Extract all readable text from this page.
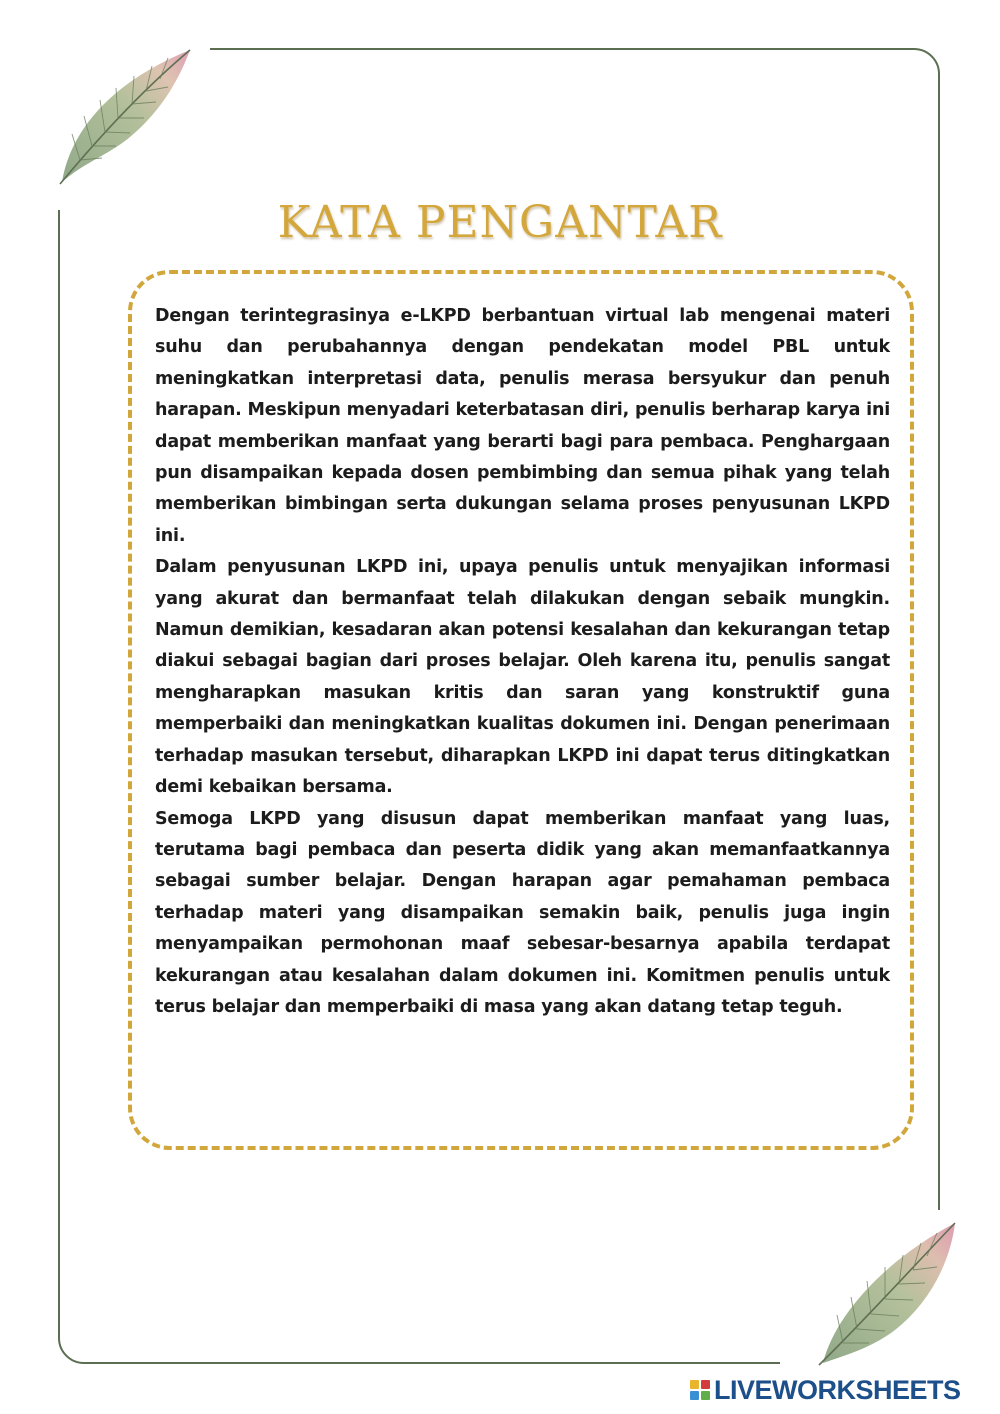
KATA PENGANTAR

Dengan terintegrasinya e-LKPD berbantuan virtual lab mengenai materi suhu dan perubahannya dengan pendekatan model PBL untuk meningkatkan interpretasi data, penulis merasa bersyukur dan penuh harapan. Meskipun menyadari keterbatasan diri, penulis berharap karya ini dapat memberikan manfaat yang berarti bagi para pembaca. Penghargaan pun disampaikan kepada dosen pembimbing dan semua pihak yang telah memberikan bimbingan serta dukungan selama proses penyusunan LKPD ini.

Dalam penyusunan LKPD ini, upaya penulis untuk menyajikan informasi yang akurat dan bermanfaat telah dilakukan dengan sebaik mungkin. Namun demikian, kesadaran akan potensi kesalahan dan kekurangan tetap diakui sebagai bagian dari proses belajar. Oleh karena itu, penulis sangat mengharapkan masukan kritis dan saran yang konstruktif guna memperbaiki dan meningkatkan kualitas dokumen ini. Dengan penerimaan terhadap masukan tersebut, diharapkan LKPD ini dapat terus ditingkatkan demi kebaikan bersama.

Semoga LKPD yang disusun dapat memberikan manfaat yang luas, terutama bagi pembaca dan peserta didik yang akan memanfaatkannya sebagai sumber belajar. Dengan harapan agar pemahaman pembaca terhadap materi yang disampaikan semakin baik, penulis juga ingin menyampaikan permohonan maaf sebesar-besarnya apabila terdapat kekurangan atau kesalahan dalam dokumen ini. Komitmen penulis untuk terus belajar dan memperbaiki di masa yang akan datang tetap teguh.

LIVEWORKSHEETS
